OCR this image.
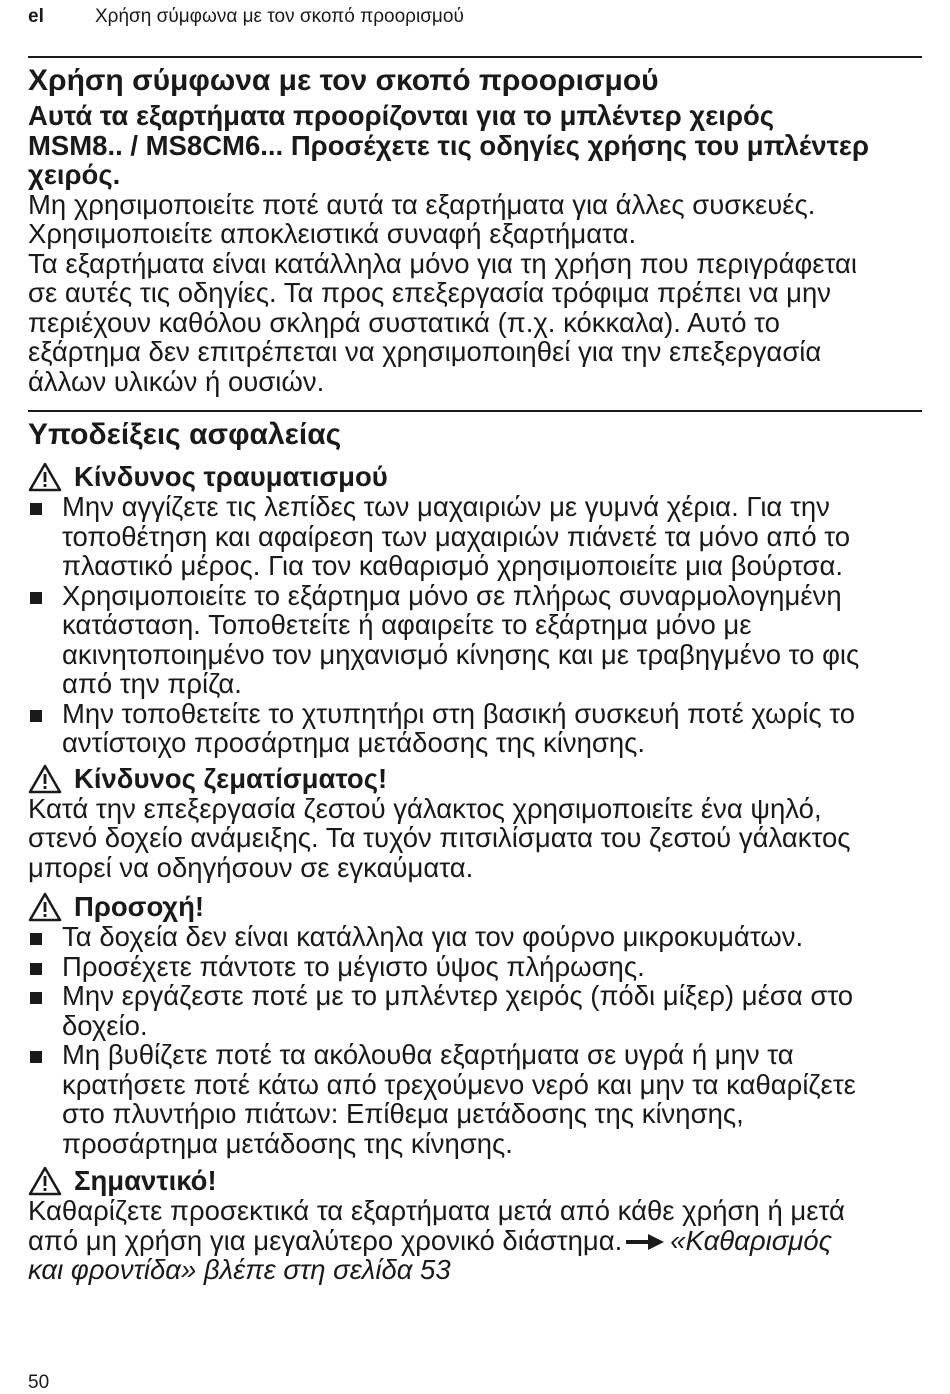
el	Χρήση σύμφωνα με τον σκοπό προορισμού
Χρήση σύμφωνα με τον σκοπό προορισμού

Αυτά τα εξαρτήματα προορίζονται για το μπλέντερ χειρός

MSM8.. / MS8CM6... Προσέχετε τις οδηγίες χρήσης του μπλέντερ

χειρός.

Μη χρησιμοποιείτε ποτέ αυτά τα εξαρτήματα για άλλες συσκευές.

Χρησιμοποιείτε αποκλειστικά συναφή εξαρτήματα.

Τα εξαρτήματα είναι κατάλληλα μόνο για τη χρήση που περιγράφεται

σε αυτές τις οδηγίες. Τα προς επεξεργασία τρόφιμα πρέπει να μην

περιέχουν καθόλου σκληρά συστατικά (π.χ. κόκκαλα). Αυτό το

εξάρτημα δεν επιτρέπεται να χρησιμοποιηθεί για την επεξεργασία

άλλων υλικών ή ουσιών.

Υποδείξεις ασφαλείας
Κίνδυνος τραυματισμού
Μην αγγίζετε τις λεπίδες των μαχαιριών με γυμνά χέρια. Για την
τοποθέτηση και αφαίρεση των μαχαιριών πιάνετέ τα μόνο από το
πλαστικό μέρος. Για τον καθαρισμό χρησιμοποιείτε μια βούρτσα.
Χρησιμοποιείτε το εξάρτημα μόνο σε πλήρως συναρμολογημένη
κατάσταση. Τοποθετείτε ή αφαιρείτε το εξάρτημα μόνο με
ακινητοποιημένο τον μηχανισμό κίνησης και με τραβηγμένο το φις
από την πρίζα.
Μην τοποθετείτε το χτυπητήρι στη βασική συσκευή ποτέ χωρίς το
αντίστοιχο προσάρτημα μετάδοσης της κίνησης.
Κίνδυνος ζεματίσματος!

Κατά την επεξεργασία ζεστού γάλακτος χρησιμοποιείτε ένα ψηλό,

στενό δοχείο ανάμειξης. Τα τυχόν πιτσιλίσματα του ζεστού γάλακτος

μπορεί να οδηγήσουν σε εγκαύματα.

Προσοχή!
Τα δοχεία δεν είναι κατάλληλα για τον φούρνο μικροκυμάτων.
Προσέχετε πάντοτε το μέγιστο ύψος πλήρωσης.
Μην εργάζεστε ποτέ με το μπλέντερ χειρός (πόδι μίξερ) μέσα στο
δοχείο.
Μη βυθίζετε ποτέ τα ακόλουθα εξαρτήματα σε υγρά ή μην τα
κρατήσετε ποτέ κάτω από τρεχούμενο νερό και μην τα καθαρίζετε
στο πλυντήριο πιάτων: Επίθεμα μετάδοσης της κίνησης,
προσάρτημα μετάδοσης της κίνησης.
Σημαντικό!

Καθαρίζετε προσεκτικά τα εξαρτήματα μετά από κάθε χρήση ή μετά

από μη χρήση για μεγαλύτερο χρονικό διάστημα. «Καθαρισμός

και φροντίδα» βλέπε στη σελίδα 53

50
